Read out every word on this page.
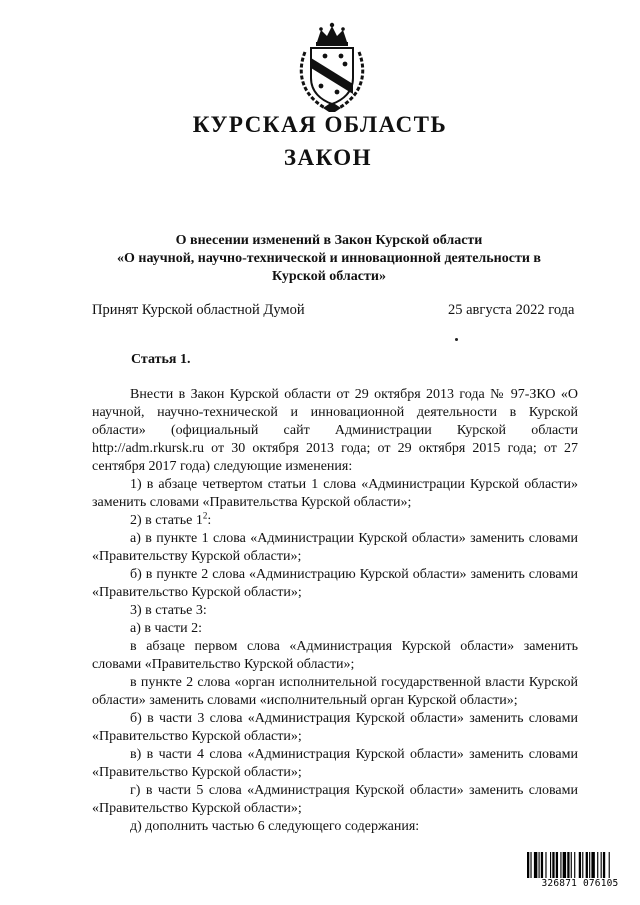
КУРСКАЯ ОБЛАСТЬ
ЗАКОН
О внесении изменений в Закон Курской области
«О научной, научно-технической и инновационной деятельности в Курской области»
Принят Курской областной Думой	25 августа 2022 года
Статья 1.

Внести в Закон Курской области от 29 октября 2013 года № 97-ЗКО «О научной, научно-технической и инновационной деятельности в Курской области» (официальный сайт Администрации Курской области http://adm.rkursk.ru от 30 октября 2013 года; от 29 октября 2015 года; от 27 сентября 2017 года) следующие изменения:

1) в абзаце четвертом статьи 1 слова «Администрации Курской области» заменить словами «Правительства Курской области»;

2) в статье $1^2$:

а) в пункте 1 слова «Администрации Курской области» заменить словами «Правительству Курской области»;

б) в пункте 2 слова «Администрацию Курской области» заменить словами «Правительство Курской области»;

3) в статье 3:

а) в части 2:

в абзаце первом слова «Администрация Курской области» заменить словами «Правительство Курской области»;

в пункте 2 слова «орган исполнительной государственной власти Курской области» заменить словами «исполнительный орган Курской области»;

б) в части 3 слова «Администрация Курской области» заменить словами «Правительство Курской области»;

в) в части 4 слова «Администрация Курской области» заменить словами «Правительство Курской области»;

г) в части 5 слова «Администрация Курской области» заменить словами «Правительство Курской области»;

д) дополнить частью 6 следующего содержания:

326871 076105
